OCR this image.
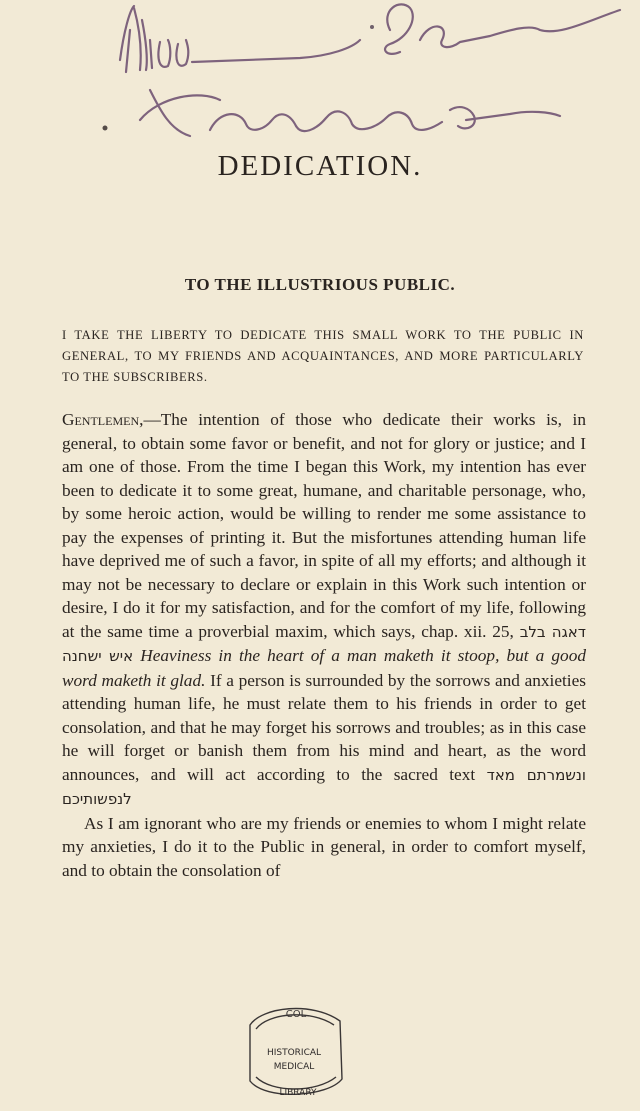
DEDICATION.
TO THE ILLUSTRIOUS PUBLIC.

I TAKE THE LIBERTY TO DEDICATE THIS SMALL WORK TO THE PUBLIC IN GENERAL, TO MY FRIENDS AND ACQUAINTANCES, AND MORE PARTICULARLY TO THE SUBSCRIBERS.

Gentlemen,—The intention of those who dedicate their works is, in general, to obtain some favor or benefit, and not for glory or justice; and I am one of those. From the time I began this Work, my intention has ever been to dedicate it to some great, humane, and charitable personage, who, by some heroic action, would be willing to render me some assistance to pay the expenses of printing it. But the misfortunes attending human life have deprived me of such a favor, in spite of all my efforts; and although it may not be necessary to declare or explain in this Work such intention or desire, I do it for my satisfaction, and for the comfort of my life, following at the same time a proverbial maxim, which says, chap. xii. 25, דאגה בלב איש ישחנה Heaviness in the heart of a man maketh it stoop, but a good word maketh it glad. If a person is surrounded by the sorrows and anxieties attending human life, he must relate them to his friends in order to get consolation, and that he may forget his sorrows and troubles; as in this case he will forget or banish them from his mind and heart, as the word announces, and will act according to the sacred text ונשמרתם מאד לנפשותיכם

As I am ignorant who are my friends or enemies to whom I might relate my anxieties, I do it to the Public in general, in order to comfort myself, and to obtain the consolation of

COL
HISTORICAL
MEDICAL
LIBRARY
